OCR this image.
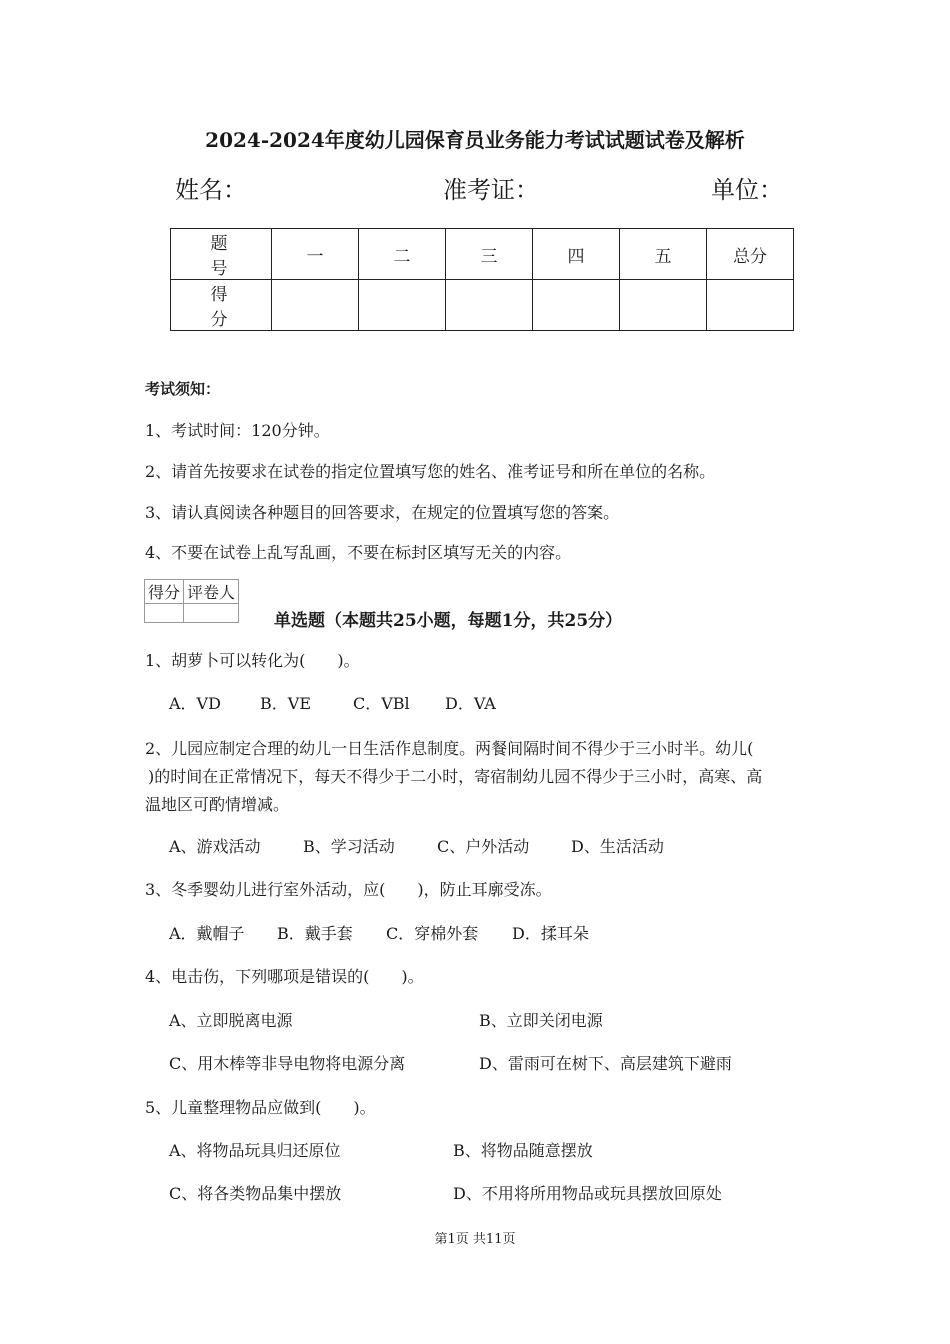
2024-2024年度幼儿园保育员业务能力考试试题试卷及解析
姓名：	准考证：	单位：
题　号	一	二	三	四	五	总分
得　分						
考试须知：
1、考试时间：120分钟。
2、请首先按要求在试卷的指定位置填写您的姓名、准考证号和所在单位的名称。
3、请认真阅读各种题目的回答要求，在规定的位置填写您的答案。
4、不要在试卷上乱写乱画，不要在标封区填写无关的内容。
得分	评卷人

单选题（本题共25小题，每题1分，共25分）
1、胡萝卜可以转化为(　　)。
A．VD B．VE	C．VBl D．VA
2、儿园应制定合理的幼儿一日生活作息制度。两餐间隔时间不得少于三小时半。幼儿(
)的时间在正常情况下，每天不得少于二小时，寄宿制幼儿园不得少于三小时，高寒、高
温地区可酌情增减。
A、游戏活动	B、学习活动	C、户外活动	D、生活活动
3、冬季婴幼儿进行室外活动，应(　　)，防止耳廓受冻。
A．戴帽子 B．戴手套 C．穿棉外套 D．揉耳朵
4、电击伤，下列哪项是错误的(　　)。
A、立即脱离电源	B、立即关闭电源
C、用木棒等非导电物将电源分离	D、雷雨可在树下、高层建筑下避雨
5、儿童整理物品应做到(　　)。
A、将物品玩具归还原位	B、将物品随意摆放
C、将各类物品集中摆放	D、不用将所用物品或玩具摆放回原处
第1页 共11页
